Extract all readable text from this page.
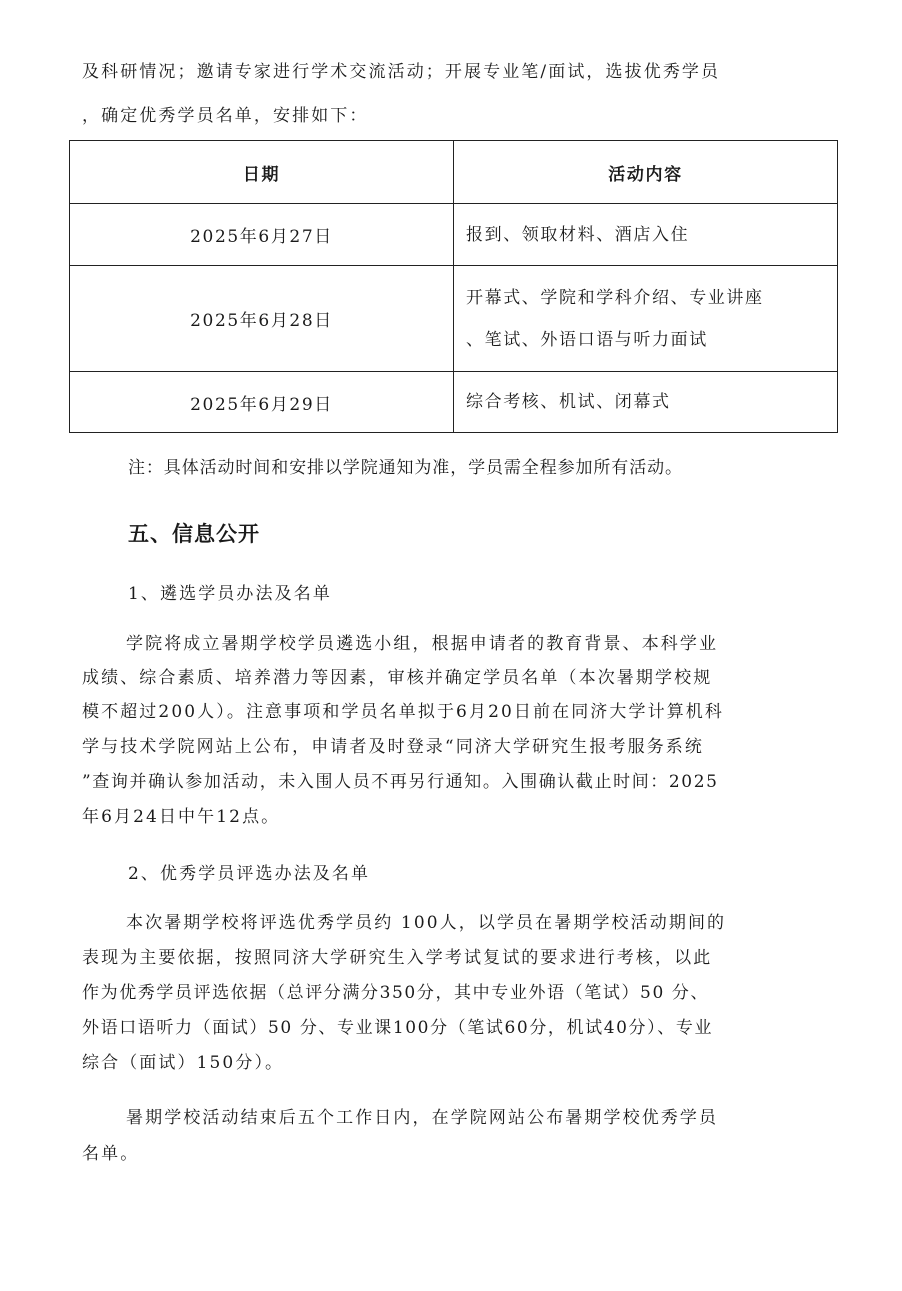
及科研情况；邀请专家进行学术交流活动；开展专业笔/面试，选拔优秀学员
，确定优秀学员名单，安排如下：
日期	活动内容
2025年6月27日	报到、领取材料、酒店入住
2025年6月28日	开幕式、学院和学科介绍、专业讲座
、笔试、外语口语与听力面试
2025年6月29日	综合考核、机试、闭幕式
注：具体活动时间和安排以学院通知为准，学员需全程参加所有活动。
五、信息公开
1、遴选学员办法及名单
学院将成立暑期学校学员遴选小组，根据申请者的教育背景、本科学业
成绩、综合素质、培养潜力等因素，审核并确定学员名单（本次暑期学校规
模不超过200人）。注意事项和学员名单拟于6月20日前在同济大学计算机科
学与技术学院网站上公布，申请者及时登录“同济大学研究生报考服务系统
”查询并确认参加活动，未入围人员不再另行通知。入围确认截止时间：2025
年6月24日中午12点。
2、优秀学员评选办法及名单
本次暑期学校将评选优秀学员约 100人，以学员在暑期学校活动期间的
表现为主要依据，按照同济大学研究生入学考试复试的要求进行考核，以此
作为优秀学员评选依据（总评分满分350分，其中专业外语（笔试）50 分、
外语口语听力（面试）50 分、专业课100分（笔试60分，机试40分）、专业
综合（面试）150分）。
暑期学校活动结束后五个工作日内，在学院网站公布暑期学校优秀学员
名单。
